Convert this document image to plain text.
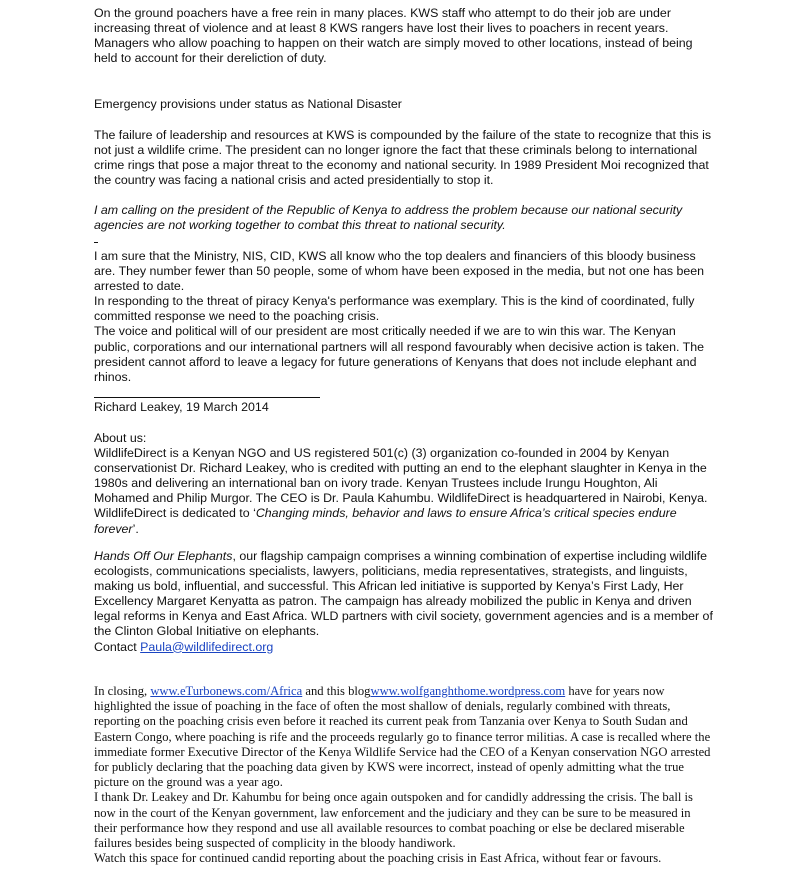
On the ground poachers have a free rein in many places. KWS staff who attempt to do their job are under increasing threat of violence and at least 8 KWS rangers have lost their lives to poachers in recent years. Managers who allow poaching to happen on their watch are simply moved to other locations, instead of being held to account for their dereliction of duty.

Emergency provisions under status as National Disaster

The failure of leadership and resources at KWS is compounded by the failure of the state to recognize that this is not just a wildlife crime. The president can no longer ignore the fact that these criminals belong to international crime rings that pose a major threat to the economy and national security. In 1989 President Moi recognized that the country was facing a national crisis and acted presidentially to stop it.

I am calling on the president of the Republic of Kenya to address the problem because our national security agencies are not working together to combat this threat to national security.

I am sure that the Ministry, NIS, CID, KWS all know who the top dealers and financiers of this bloody business are. They number fewer than 50 people, some of whom have been exposed in the media, but not one has been arrested to date.

In responding to the threat of piracy Kenya's performance was exemplary. This is the kind of coordinated, fully committed response we need to the poaching crisis.

The voice and political will of our president are most critically needed if we are to win this war. The Kenyan public, corporations and our international partners will all respond favourably when decisive action is taken. The president cannot afford to leave a legacy for future generations of Kenyans that does not include elephant and rhinos.

Richard Leakey, 19 March 2014

About us:

WildlifeDirect is a Kenyan NGO and US registered 501(c) (3) organization co-founded in 2004 by Kenyan conservationist Dr. Richard Leakey, who is credited with putting an end to the elephant slaughter in Kenya in the 1980s and delivering an international ban on ivory trade. Kenyan Trustees include Irungu Houghton, Ali Mohamed and Philip Murgor. The CEO is Dr. Paula Kahumbu. WildlifeDirect is headquartered in Nairobi, Kenya. WildlifeDirect is dedicated to ‘Changing minds, behavior and laws to ensure Africa’s critical species endure forever’.

Hands Off Our Elephants, our flagship campaign comprises a winning combination of expertise including wildlife ecologists, communications specialists, lawyers, politicians, media representatives, strategists, and linguists, making us bold, influential, and successful. This African led initiative is supported by Kenya’s First Lady, Her Excellency Margaret Kenyatta as patron. The campaign has already mobilized the public in Kenya and driven legal reforms in Kenya and East Africa. WLD partners with civil society, government agencies and is a member of the Clinton Global Initiative on elephants.

Contact Paula@wildlifedirect.org

In closing, www.eTurbonews.com/Africa and this blogwww.wolfganghthome.wordpress.com have for years now highlighted the issue of poaching in the face of often the most shallow of denials, regularly combined with threats, reporting on the poaching crisis even before it reached its current peak from Tanzania over Kenya to South Sudan and Eastern Congo, where poaching is rife and the proceeds regularly go to finance terror militias. A case is recalled where the immediate former Executive Director of the Kenya Wildlife Service had the CEO of a Kenyan conservation NGO arrested for publicly declaring that the poaching data given by KWS were incorrect, instead of openly admitting what the true picture on the ground was a year ago.

I thank Dr. Leakey and Dr. Kahumbu for being once again outspoken and for candidly addressing the crisis. The ball is now in the court of the Kenyan government, law enforcement and the judiciary and they can be sure to be measured in their performance how they respond and use all available resources to combat poaching or else be declared miserable failures besides being suspected of complicity in the bloody handiwork.

Watch this space for continued candid reporting about the poaching crisis in East Africa, without fear or favours.
